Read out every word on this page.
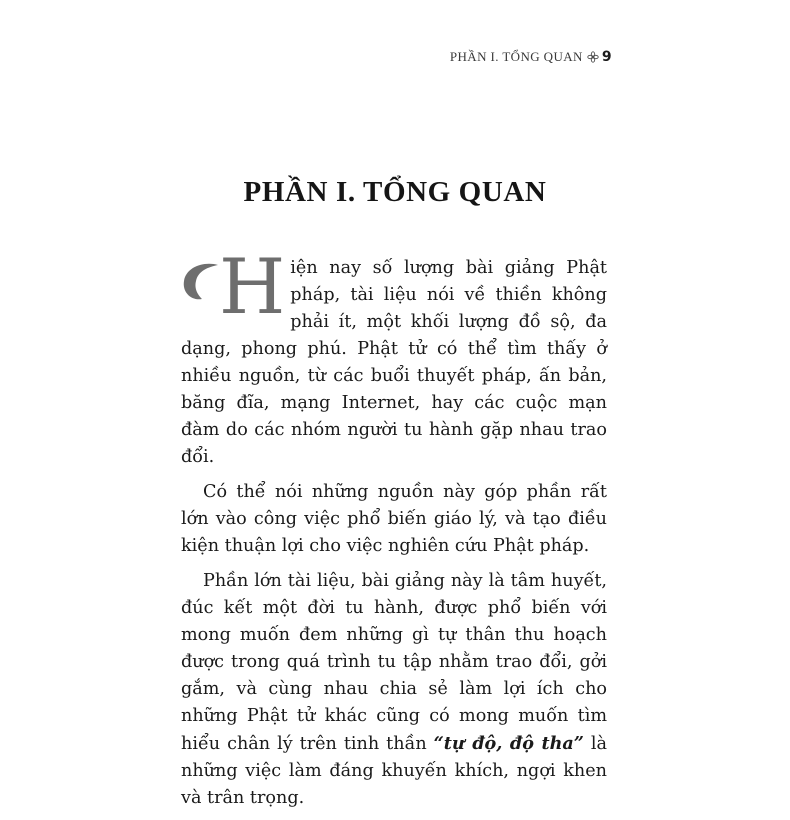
PHẦN I. TỔNG QUAN 9
PHẦN I. TỔNG QUAN

Hiện nay số lượng bài giảng Phật pháp, tài liệu nói về thiền không phải ít, một khối lượng đồ sộ, đa dạng, phong phú. Phật tử có thể tìm thấy ở nhiều nguồn, từ các buổi thuyết pháp, ấn bản, băng đĩa, mạng Internet, hay các cuộc mạn đàm do các nhóm người tu hành gặp nhau trao đổi.

Có thể nói những nguồn này góp phần rất lớn vào công việc phổ biến giáo lý, và tạo điều kiện thuận lợi cho việc nghiên cứu Phật pháp.

Phần lớn tài liệu, bài giảng này là tâm huyết, đúc kết một đời tu hành, được phổ biến với mong muốn đem những gì tự thân thu hoạch được trong quá trình tu tập nhằm trao đổi, gởi gắm, và cùng nhau chia sẻ làm lợi ích cho những Phật tử khác cũng có mong muốn tìm hiểu chân lý trên tinh thần “tự độ, độ tha” là những việc làm đáng khuyến khích, ngợi khen và trân trọng.
